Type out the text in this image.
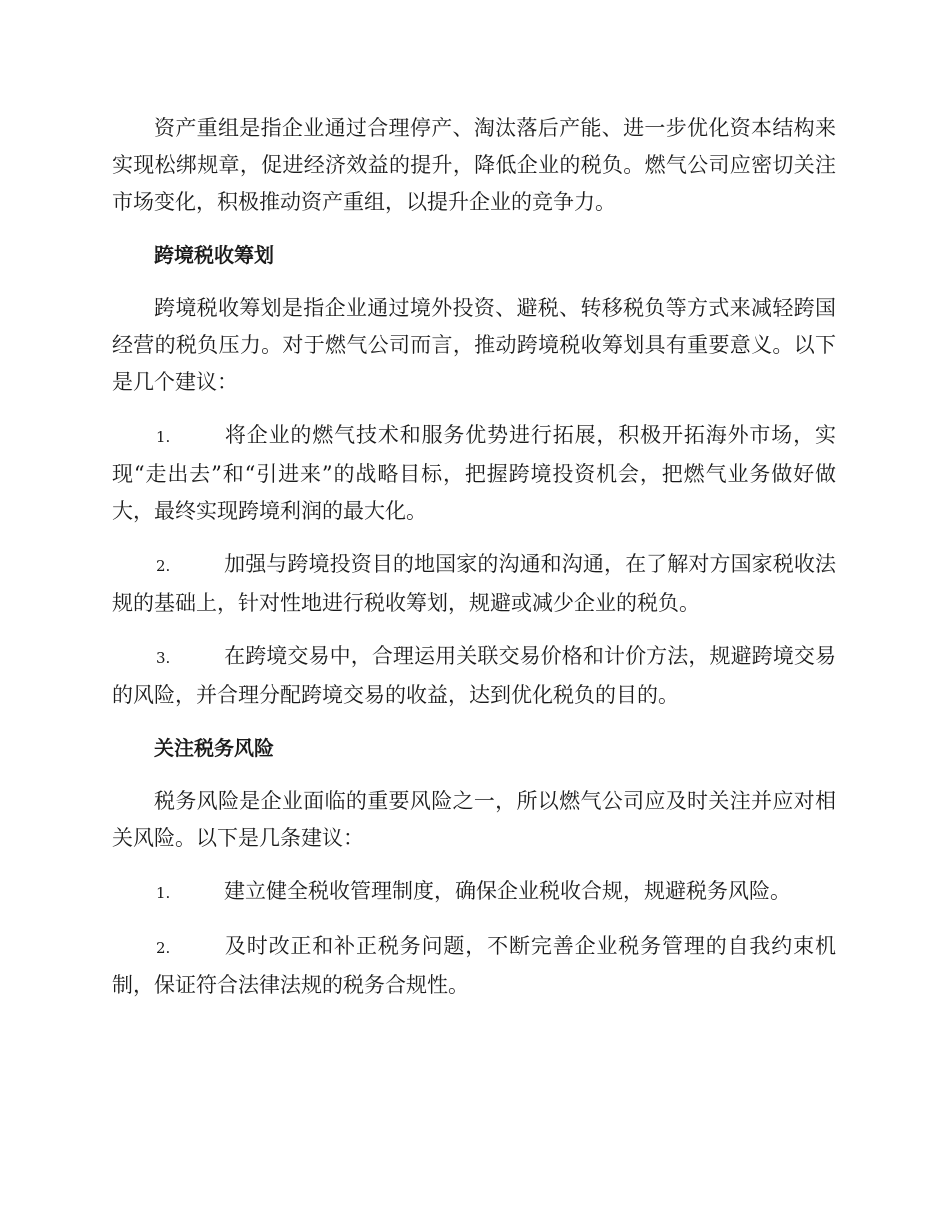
资产重组是指企业通过合理停产、淘汰落后产能、进一步优化资本结构来实现松绑规章，促进经济效益的提升，降低企业的税负。燃气公司应密切关注市场变化，积极推动资产重组，以提升企业的竞争力。

跨境税收筹划

跨境税收筹划是指企业通过境外投资、避税、转移税负等方式来减轻跨国经营的税负压力。对于燃气公司而言，推动跨境税收筹划具有重要意义。以下是几个建议：

1.	将企业的燃气技术和服务优势进行拓展，积极开拓海外市场，实现“走出去”和“引进来”的战略目标，把握跨境投资机会，把燃气业务做好做大，最终实现跨境利润的最大化。

2.	加强与跨境投资目的地国家的沟通和沟通，在了解对方国家税收法规的基础上，针对性地进行税收筹划，规避或减少企业的税负。

3.	在跨境交易中，合理运用关联交易价格和计价方法，规避跨境交易的风险，并合理分配跨境交易的收益，达到优化税负的目的。

关注税务风险

税务风险是企业面临的重要风险之一，所以燃气公司应及时关注并应对相关风险。以下是几条建议：

1.	建立健全税收管理制度，确保企业税收合规，规避税务风险。

2.	及时改正和补正税务问题，不断完善企业税务管理的自我约束机制，保证符合法律法规的税务合规性。
